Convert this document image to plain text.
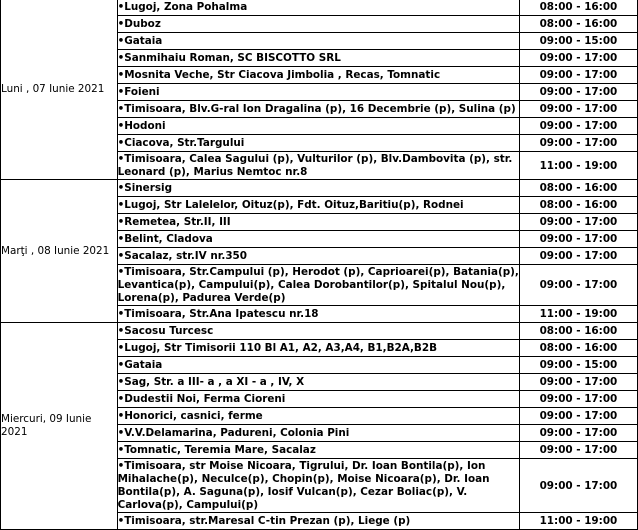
Luni , 07 Iunie 2021	•Lugoj, Zona Pohalma	08:00 - 16:00

	•Duboz	08:00 - 16:00

	•Gataia	09:00 - 15:00

	•Sanmihaiu Roman, SC BISCOTTO SRL	09:00 - 17:00

	•Mosnita Veche, Str Ciacova Jimbolia , Recas, Tomnatic	09:00 - 17:00

	•Foieni	09:00 - 17:00

	•Timisoara, Blv.G-ral Ion Dragalina (p), 16 Decembrie (p), Sulina (p)	09:00 - 17:00

	•Hodoni	09:00 - 17:00

	•Ciacova, Str.Targului	09:00 - 17:00

	•Timisoara, Calea Sagului (p), Vulturilor (p), Blv.Dambovita (p), str.
Leonard (p), Marius Nemtoc nr.8	11:00 - 19:00
Marţi , 08 Iunie 2021	•Sinersig	08:00 - 16:00

	•Lugoj, Str Lalelelor, Oituz(p), Fdt. Oituz,Baritiu(p), Rodnei	08:00 - 16:00

	•Remetea, Str.II, III	09:00 - 17:00

	•Belint, Cladova	09:00 - 17:00

	•Sacalaz, str.IV nr.350	09:00 - 17:00

	•Timisoara, Str.Campului (p), Herodot (p), Caprioarei(p), Batania(p),
Levantica(p), Campului(p), Calea Dorobantilor(p), Spitalul Nou(p),
Lorena(p), Padurea Verde(p)	09:00 - 17:00

	•Timisoara, Str.Ana Ipatescu nr.18	11:00 - 19:00
Miercuri, 09 Iunie 2021	•Sacosu Turcesc	08:00 - 16:00

	•Lugoj, Str Timisorii 110 Bl A1, A2, A3,A4, B1,B2A,B2B	08:00 - 16:00

	•Gataia	09:00 - 15:00

	•Sag, Str. a III- a , a XI - a , IV, X	09:00 - 17:00

	•Dudestii Noi, Ferma Cioreni	09:00 - 17:00

	•Honorici, casnici, ferme	09:00 - 17:00

	•V.V.Delamarina, Padureni, Colonia Pini	09:00 - 17:00

	•Tomnatic, Teremia Mare, Sacalaz	09:00 - 17:00

	•Timisoara, str Moise Nicoara, Tigrului, Dr. Ioan Bontila(p), Ion
Mihalache(p), Neculce(p), Chopin(p), Moise Nicoara(p), Dr. Ioan
Bontila(p), A. Saguna(p), Iosif Vulcan(p), Cezar Boliac(p), V.
Carlova(p), Campului(p)	09:00 - 17:00

	•Timisoara, str.Maresal C-tin Prezan (p), Liege (p)	11:00 - 19:00
